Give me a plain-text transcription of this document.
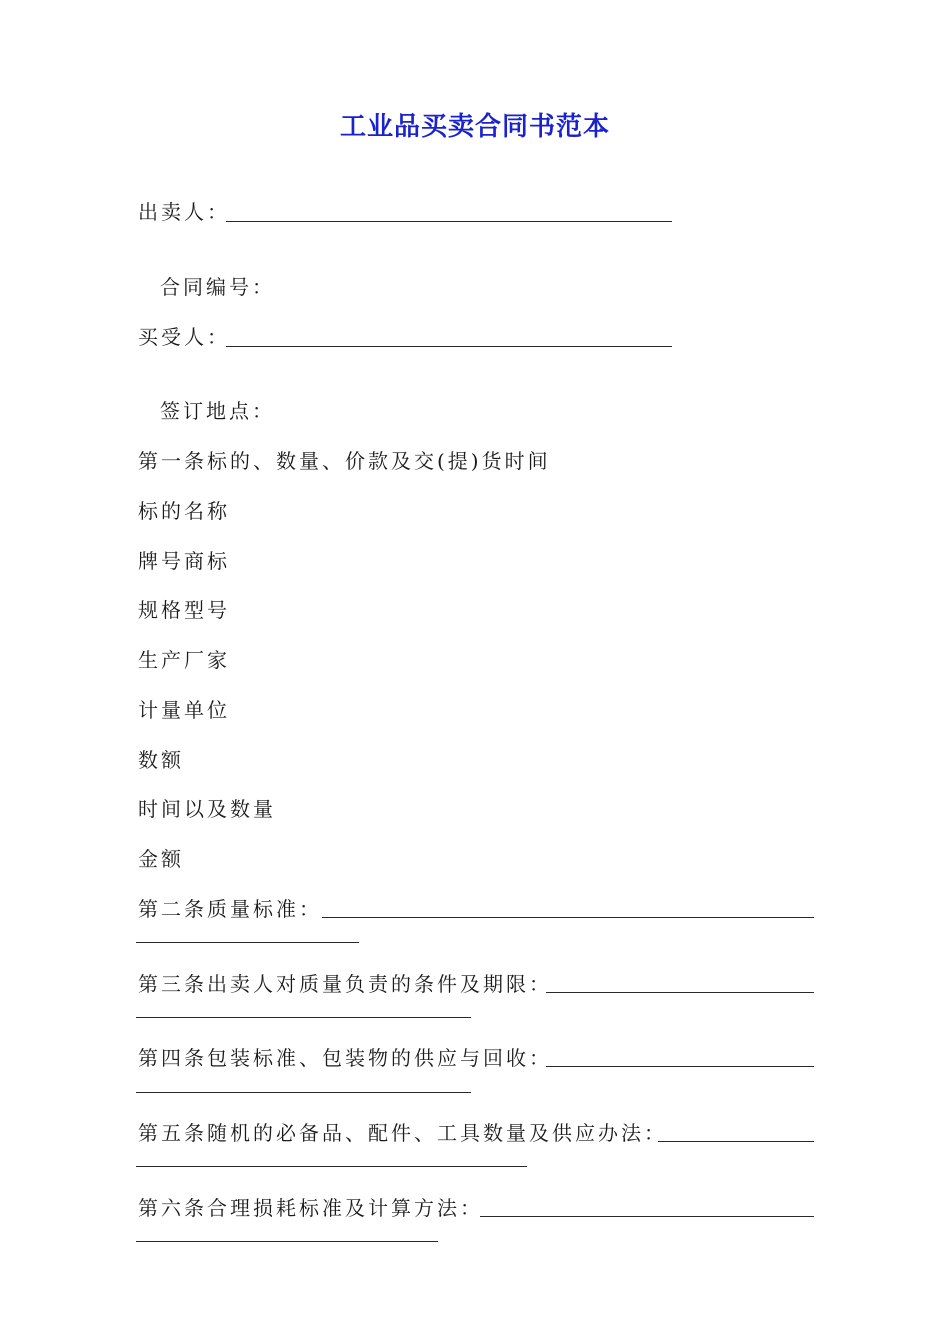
工业品买卖合同书范本
出卖人：
合同编号：
买受人：
签订地点：
第一条标的、数量、价款及交(提)货时间
标的名称
牌号商标
规格型号
生产厂家
计量单位
数额
时间以及数量
金额
第二条质量标准：
第三条出卖人对质量负责的条件及期限：
第四条包装标准、包装物的供应与回收：
第五条随机的必备品、配件、工具数量及供应办法：
第六条合理损耗标准及计算方法：
